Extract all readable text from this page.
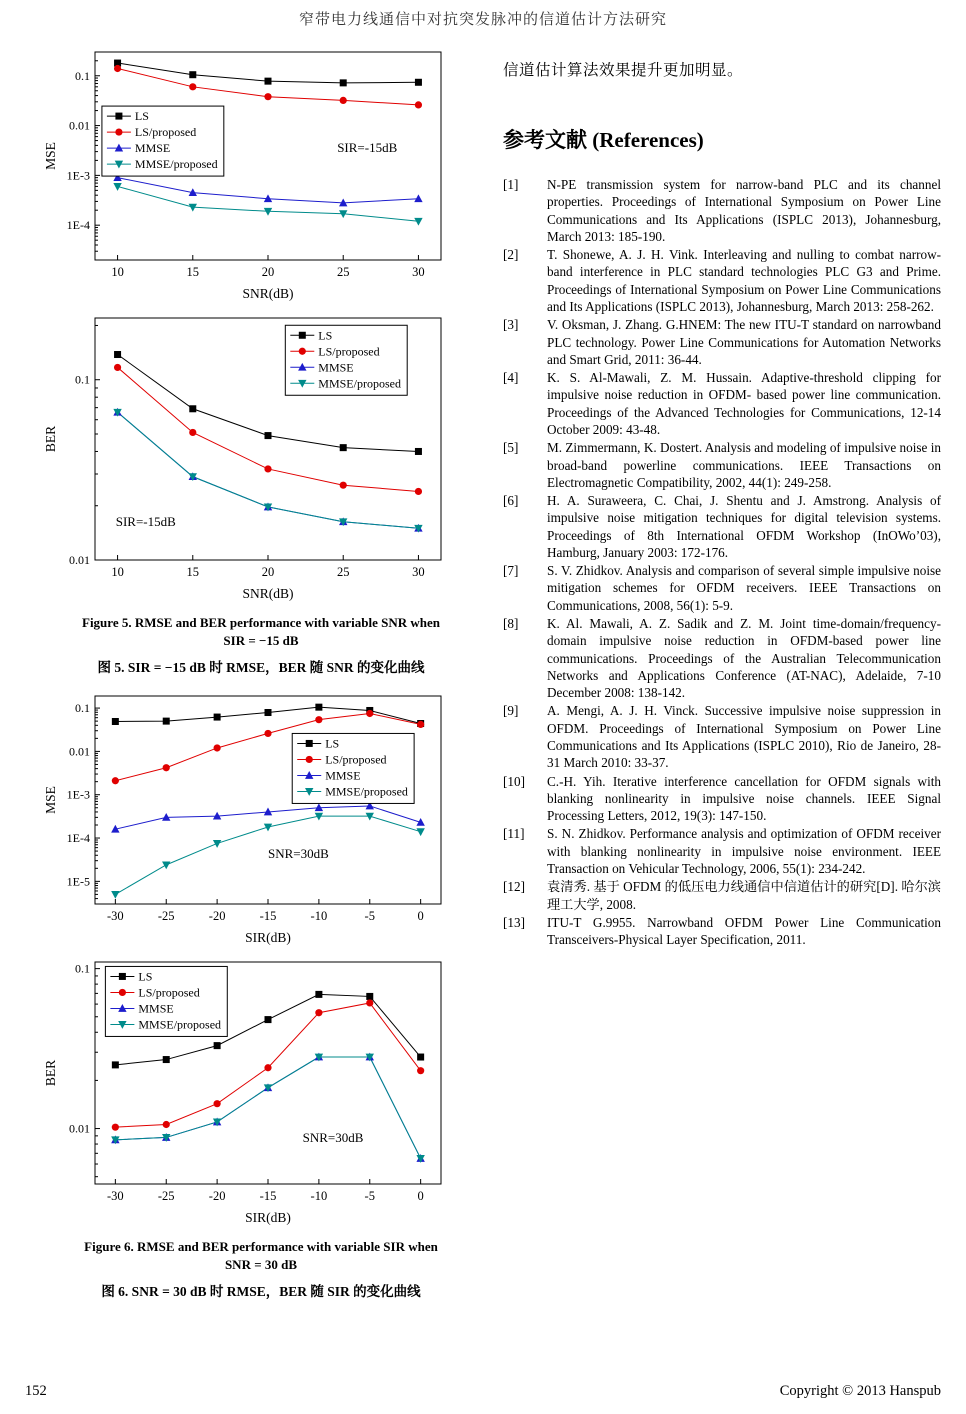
窄带电力线通信中对抗突发脉冲的信道估计方法研究
0.1
0.01
1E-3
1E-4
10	15	20	25	30
SNR(dB)
MSE
LS
LS/proposed
MMSE
MMSE/proposed
SIR=-15dB
0.1
0.01
10	15	20	25	30
SNR(dB)
BER
LS
LS/proposed
MMSE
MMSE/proposed
SIR=-15dB
Figure 5. RMSE and BER performance with variable SNR when
SIR = −15 dB
图 5. SIR = −15 dB 时 RMSE，BER 随 SNR 的变化曲线
0.1
0.01
1E-3
1E-4
1E-5
-30	-25	-20	-15	-10	-5	0
SIR(dB)
MSE
LS
LS/proposed
MMSE
MMSE/proposed
SNR=30dB
0.1
0.01
-30	-25	-20	-15	-10	-5	0
SIR(dB)
BER
LS
LS/proposed
MMSE
MMSE/proposed
SNR=30dB
Figure 6. RMSE and BER performance with variable SIR when
SNR = 30 dB
图 6. SNR = 30 dB 时 RMSE，BER 随 SIR 的变化曲线

信道估计算法效果提升更加明显。

参考文献 (References)
[1]	N-PE transmission system for narrow-band PLC and its channel properties. Proceedings of International Symposium on Power Line Communications and Its Applications (ISPLC 2013), Johannesburg, March 2013: 185-190.
[2]	T. Shonewe, A. J. H. Vink. Interleaving and nulling to combat narrow-band interference in PLC standard technologies PLC G3 and Prime. Proceedings of International Symposium on Power Line Communications and Its Applications (ISPLC 2013), Johannesburg, March 2013: 258-262.
[3]	V. Oksman, J. Zhang. G.HNEM: The new ITU-T standard on narrowband PLC technology. Power Line Communications for Automation Networks and Smart Grid, 2011: 36-44.
[4]	K. S. Al-Mawali, Z. M. Hussain. Adaptive-threshold clipping for impulsive noise reduction in OFDM- based power line communication. Proceedings of the Advanced Technologies for Communications, 12-14 October 2009: 43-48.
[5]	M. Zimmermann, K. Dostert. Analysis and modeling of impulsive noise in broad-band powerline communications. IEEE Transactions on Electromagnetic Compatibility, 2002, 44(1): 249-258.
[6]	H. A. Suraweera, C. Chai, J. Shentu and J. Amstrong. Analysis of impulsive noise mitigation techniques for digital television systems. Proceedings of 8th International OFDM Workshop (InOWo’03), Hamburg, January 2003: 172-176.
[7]	S. V. Zhidkov. Analysis and comparison of several simple impulsive noise mitigation schemes for OFDM receivers. IEEE Transactions on Communications, 2008, 56(1): 5-9.
[8]	K. Al. Mawali, A. Z. Sadik and Z. M. Joint time-domain/frequency-domain impulsive noise reduction in OFDM-based power line communications. Proceedings of the Australian Telecommunication Networks and Applications Conference (AT-NAC), Adelaide, 7-10 December 2008: 138-142.
[9]	A. Mengi, A. J. H. Vinck. Successive impulsive noise suppression in OFDM. Proceedings of International Symposium on Power Line Communications and Its Applications (ISPLC 2010), Rio de Janeiro, 28-31 March 2010: 33-37.
[10]	C.-H. Yih. Iterative interference cancellation for OFDM signals with blanking nonlinearity in impulsive noise channels. IEEE Signal Processing Letters, 2012, 19(3): 147-150.
[11]	S. N. Zhidkov. Performance analysis and optimization of OFDM receiver with blanking nonlinearity in impulsive noise environment. IEEE Transaction on Vehicular Technology, 2006, 55(1): 234-242.
[12]	袁清秀. 基于 OFDM 的低压电力线通信中信道估计的研究[D]. 哈尔滨理工大学, 2008.
[13]	ITU-T G.9955. Narrowband OFDM Power Line Communication Transceivers-Physical Layer Specification, 2011.
152	Copyright © 2013 Hanspub
